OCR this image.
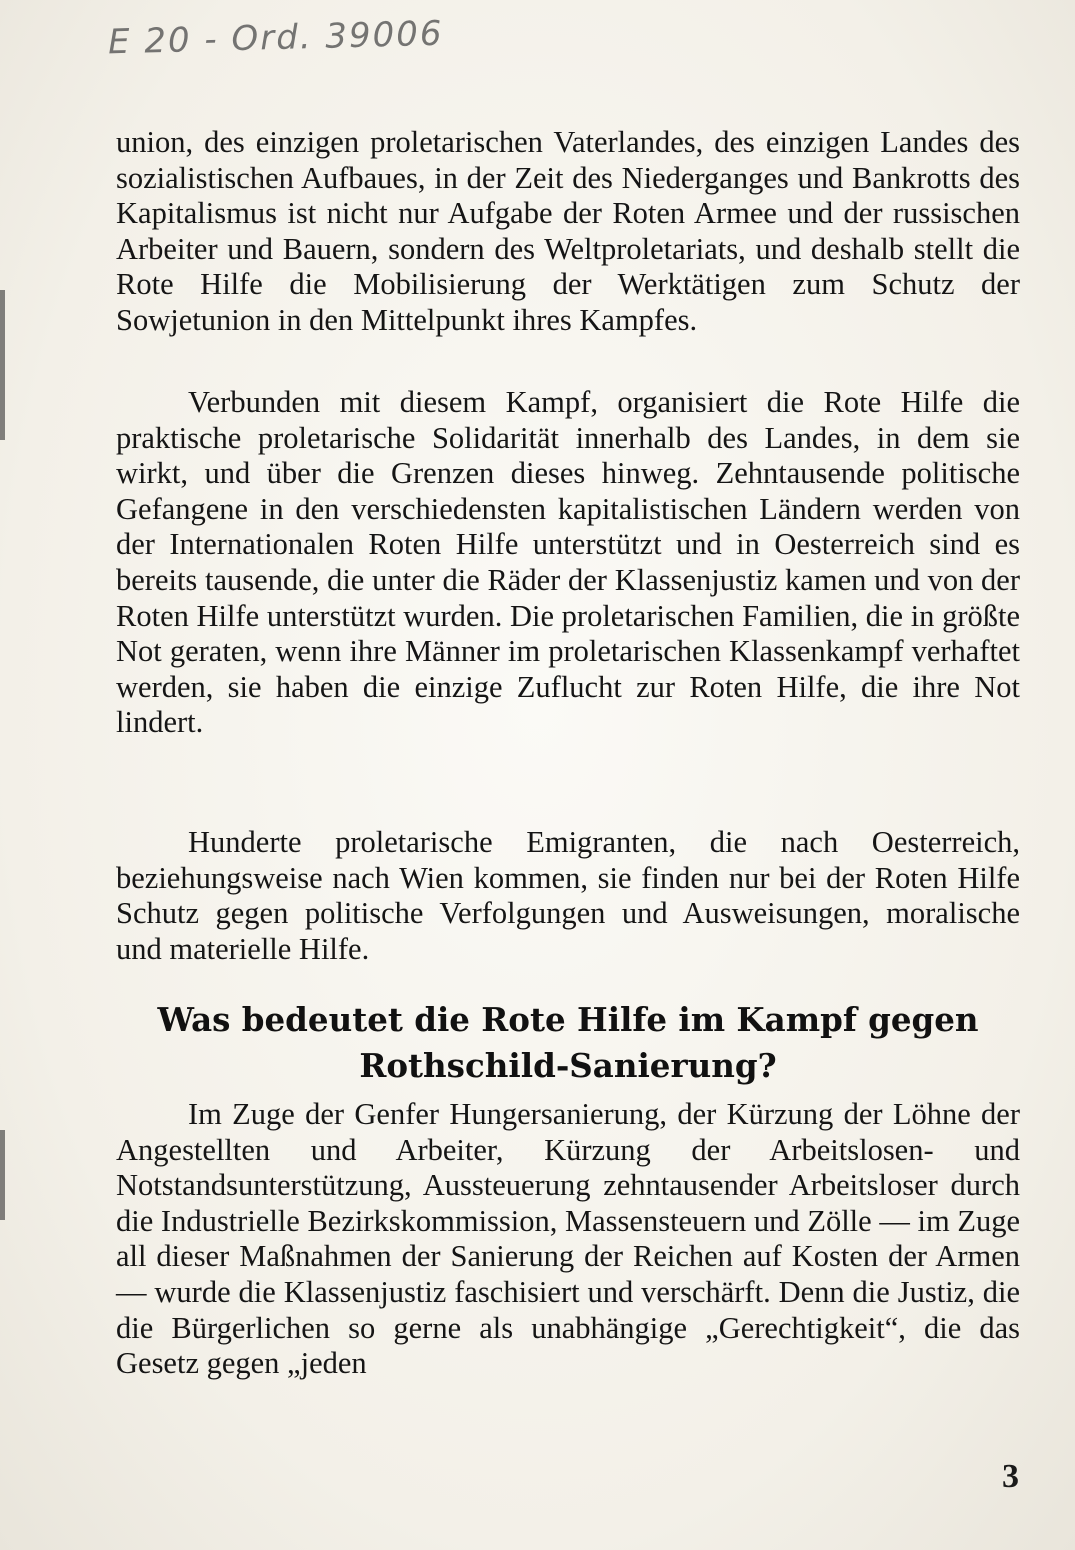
E 20 - Ord. 39006

union, des einzigen proletarischen Vaterlandes, des einzigen Landes des sozialistischen Aufbaues, in der Zeit des Niederganges und Bankrotts des Kapitalismus ist nicht nur Aufgabe der Roten Armee und der russischen Arbeiter und Bauern, sondern des Weltproletariats, und deshalb stellt die Rote Hilfe die Mobilisierung der Werktätigen zum Schutz der Sowjetunion in den Mittelpunkt ihres Kampfes.

Verbunden mit diesem Kampf, organisiert die Rote Hilfe die praktische proletarische Solidarität innerhalb des Landes, in dem sie wirkt, und über die Grenzen dieses hinweg. Zehntausende politische Gefangene in den verschiedensten kapitalistischen Ländern werden von der Internationalen Roten Hilfe unterstützt und in Oesterreich sind es bereits tausende, die unter die Räder der Klassenjustiz kamen und von der Roten Hilfe unterstützt wurden. Die proletarischen Familien, die in größte Not geraten, wenn ihre Männer im proletarischen Klassenkampf verhaftet werden, sie haben die einzige Zuflucht zur Roten Hilfe, die ihre Not lindert.

Hunderte proletarische Emigranten, die nach Oesterreich, beziehungsweise nach Wien kommen, sie finden nur bei der Roten Hilfe Schutz gegen politische Verfolgungen und Ausweisungen, moralische und materielle Hilfe.

Was bedeutet die Rote Hilfe im Kampf gegen Rothschild-Sanierung?

Im Zuge der Genfer Hungersanierung, der Kürzung der Löhne der Angestellten und Arbeiter, Kürzung der Arbeitslosen- und Notstandsunterstützung, Aussteuerung zehntausender Arbeitsloser durch die Industrielle Bezirkskommission, Massensteuern und Zölle — im Zuge all dieser Maßnahmen der Sanierung der Reichen auf Kosten der Armen — wurde die Klassenjustiz faschisiert und verschärft. Denn die Justiz, die die Bürgerlichen so gerne als unabhängige „Gerechtigkeit“, die das Gesetz gegen „jeden

3
